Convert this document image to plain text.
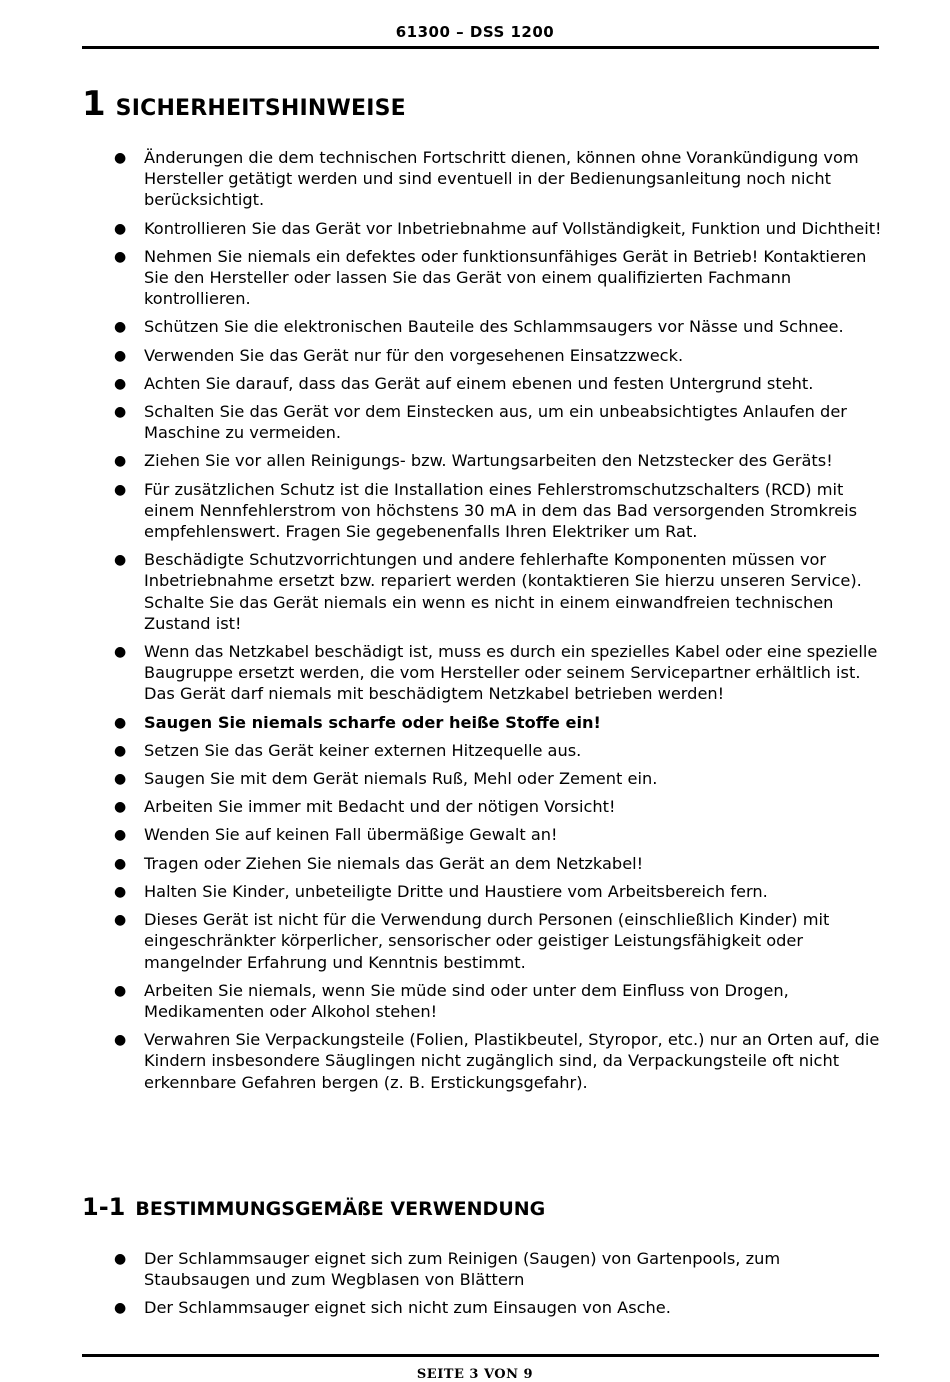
61300 – DSS 1200
1 SICHERHEITSHINWEISE
● Änderungen die dem technischen Fortschritt dienen, können ohne Vorankündigung vom Hersteller getätigt werden und sind eventuell in der Bedienungsanleitung noch nicht berücksichtigt.
● Kontrollieren Sie das Gerät vor Inbetriebnahme auf Vollständigkeit, Funktion und Dichtheit!
● Nehmen Sie niemals ein defektes oder funktionsunfähiges Gerät in Betrieb! Kontaktieren Sie den Hersteller oder lassen Sie das Gerät von einem qualifizierten Fachmann kontrollieren.
● Schützen Sie die elektronischen Bauteile des Schlammsaugers vor Nässe und Schnee.
● Verwenden Sie das Gerät nur für den vorgesehenen Einsatzzweck.
● Achten Sie darauf, dass das Gerät auf einem ebenen und festen Untergrund steht.
● Schalten Sie das Gerät vor dem Einstecken aus, um ein unbeabsichtigtes Anlaufen der Maschine zu vermeiden.
● Ziehen Sie vor allen Reinigungs- bzw. Wartungsarbeiten den Netzstecker des Geräts!
● Für zusätzlichen Schutz ist die Installation eines Fehlerstromschutzschalters (RCD) mit einem Nennfehlerstrom von höchstens 30 mA in dem das Bad versorgenden Stromkreis empfehlenswert. Fragen Sie gegebenenfalls Ihren Elektriker um Rat.
● Beschädigte Schutzvorrichtungen und andere fehlerhafte Komponenten müssen vor Inbetriebnahme ersetzt bzw. repariert werden (kontaktieren Sie hierzu unseren Service). Schalte Sie das Gerät niemals ein wenn es nicht in einem einwandfreien technischen Zustand ist!
● Wenn das Netzkabel beschädigt ist, muss es durch ein spezielles Kabel oder eine spezielle Baugruppe ersetzt werden, die vom Hersteller oder seinem Servicepartner erhältlich ist. Das Gerät darf niemals mit beschädigtem Netzkabel betrieben werden!
● Saugen Sie niemals scharfe oder heiße Stoffe ein!
● Setzen Sie das Gerät keiner externen Hitzequelle aus.
● Saugen Sie mit dem Gerät niemals Ruß, Mehl oder Zement ein.
● Arbeiten Sie immer mit Bedacht und der nötigen Vorsicht!
● Wenden Sie auf keinen Fall übermäßige Gewalt an!
● Tragen oder Ziehen Sie niemals das Gerät an dem Netzkabel!
● Halten Sie Kinder, unbeteiligte Dritte und Haustiere vom Arbeitsbereich fern.
● Dieses Gerät ist nicht für die Verwendung durch Personen (einschließlich Kinder) mit eingeschränkter körperlicher, sensorischer oder geistiger Leistungsfähigkeit oder mangelnder Erfahrung und Kenntnis bestimmt.
● Arbeiten Sie niemals, wenn Sie müde sind oder unter dem Einfluss von Drogen, Medikamenten oder Alkohol stehen!
● Verwahren Sie Verpackungsteile (Folien, Plastikbeutel, Styropor, etc.) nur an Orten auf, die Kindern insbesondere Säuglingen nicht zugänglich sind, da Verpackungsteile oft nicht erkennbare Gefahren bergen (z. B. Erstickungsgefahr).
1-1 BESTIMMUNGSGEMÄßE VERWENDUNG
● Der Schlammsauger eignet sich zum Reinigen (Saugen) von Gartenpools, zum Staubsaugen und zum Wegblasen von Blättern
● Der Schlammsauger eignet sich nicht zum Einsaugen von Asche.
SEITE 3 VON 9
